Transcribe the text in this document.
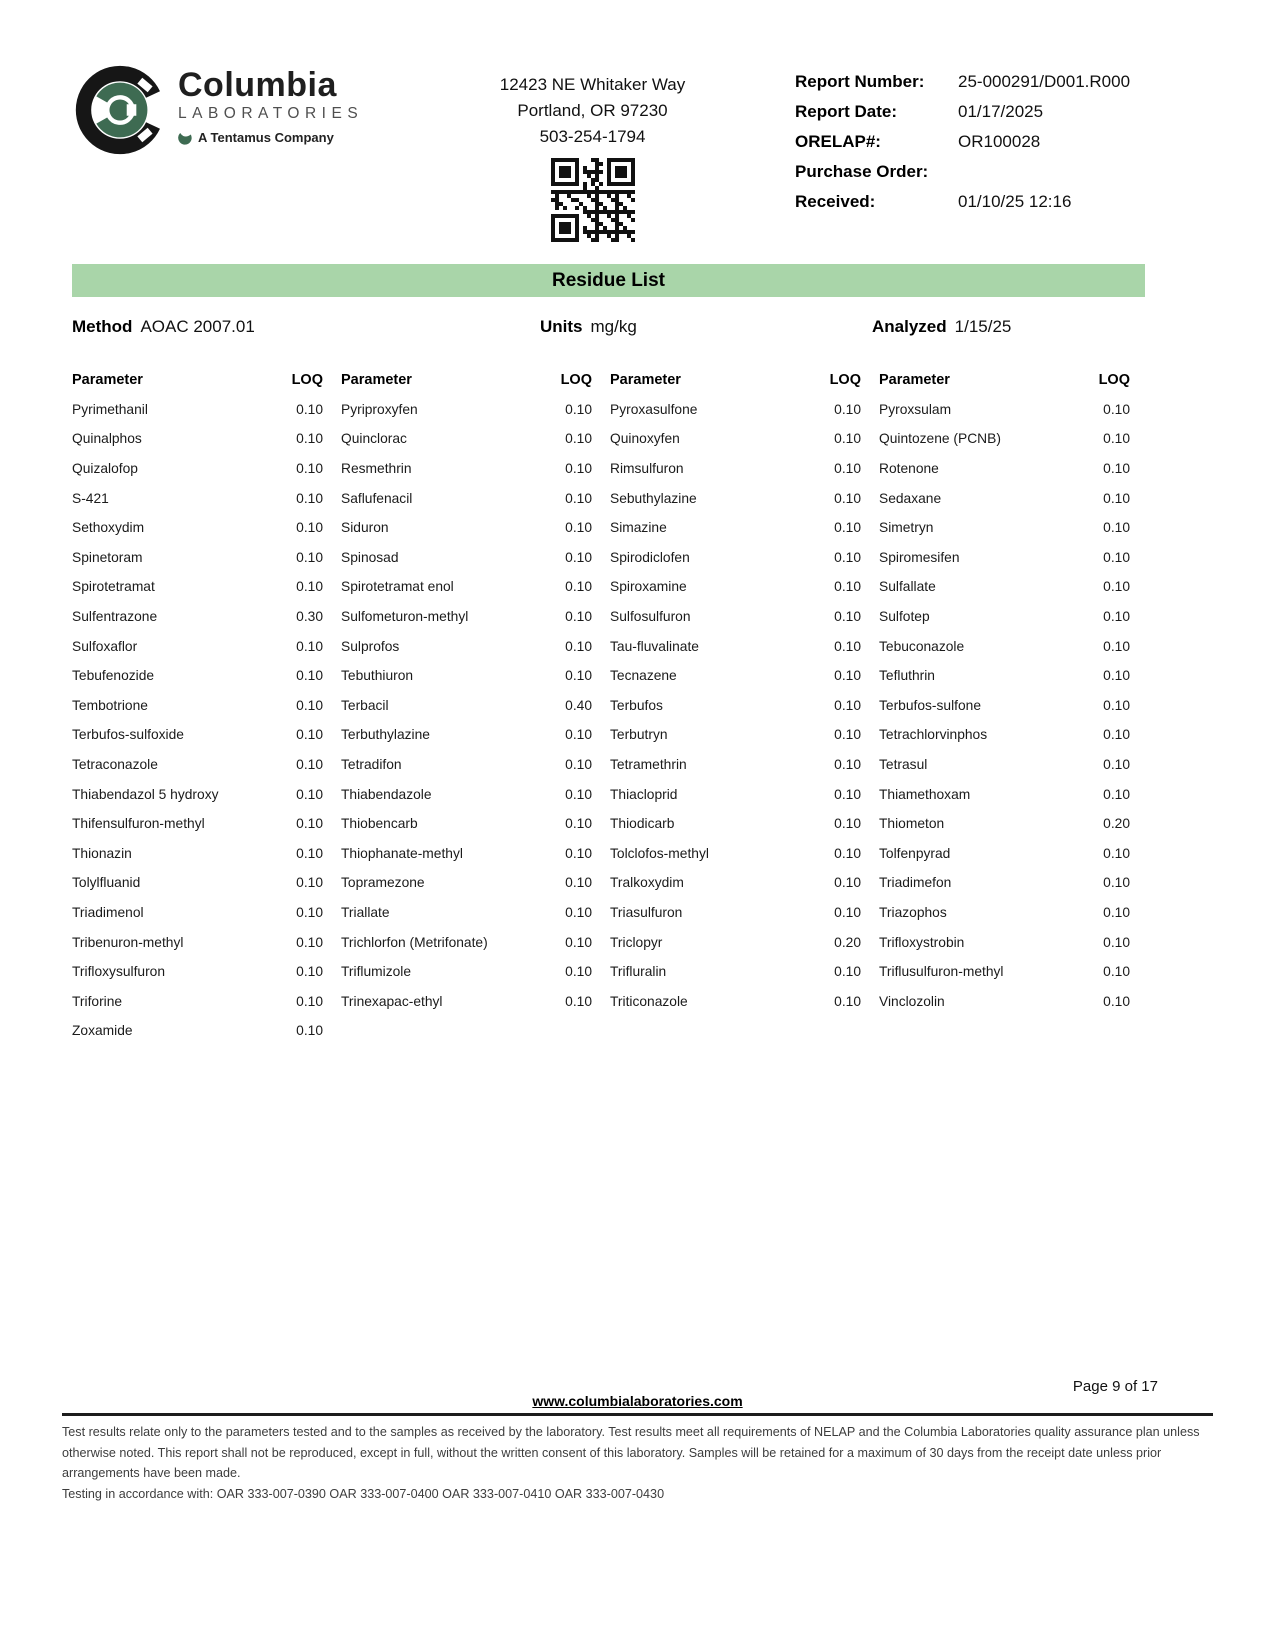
Columbia
LABORATORIES
A Tentamus Company
12423 NE Whitaker Way
Portland, OR 97230
503-254-1794
Report Number:	25-000291/D001.R000
Report Date:	01/17/2025
ORELAP#:	OR100028
Purchase Order:
Received:	01/10/25 12:16
Residue List
Method AOAC 2007.01	Units mg/kg	Analyzed 1/15/25
Parameter	LOQ
Pyrimethanil	0.10
Quinalphos	0.10
Quizalofop	0.10
S-421	0.10
Sethoxydim	0.10
Spinetoram	0.10
Spirotetramat	0.10
Sulfentrazone	0.30
Sulfoxaflor	0.10
Tebufenozide	0.10
Tembotrione	0.10
Terbufos-sulfoxide	0.10
Tetraconazole	0.10
Thiabendazol 5 hydroxy	0.10
Thifensulfuron-methyl	0.10
Thionazin	0.10
Tolylfluanid	0.10
Triadimenol	0.10
Tribenuron-methyl	0.10
Trifloxysulfuron	0.10
Triforine	0.10
Zoxamide	0.10
Parameter	LOQ
Pyriproxyfen	0.10
Quinclorac	0.10
Resmethrin	0.10
Saflufenacil	0.10
Siduron	0.10
Spinosad	0.10
Spirotetramat enol	0.10
Sulfometuron-methyl	0.10
Sulprofos	0.10
Tebuthiuron	0.10
Terbacil	0.40
Terbuthylazine	0.10
Tetradifon	0.10
Thiabendazole	0.10
Thiobencarb	0.10
Thiophanate-methyl	0.10
Topramezone	0.10
Triallate	0.10
Trichlorfon (Metrifonate)	0.10
Triflumizole	0.10
Trinexapac-ethyl	0.10
Parameter	LOQ
Pyroxasulfone	0.10
Quinoxyfen	0.10
Rimsulfuron	0.10
Sebuthylazine	0.10
Simazine	0.10
Spirodiclofen	0.10
Spiroxamine	0.10
Sulfosulfuron	0.10
Tau-fluvalinate	0.10
Tecnazene	0.10
Terbufos	0.10
Terbutryn	0.10
Tetramethrin	0.10
Thiacloprid	0.10
Thiodicarb	0.10
Tolclofos-methyl	0.10
Tralkoxydim	0.10
Triasulfuron	0.10
Triclopyr	0.20
Trifluralin	0.10
Triticonazole	0.10
Parameter	LOQ
Pyroxsulam	0.10
Quintozene (PCNB)	0.10
Rotenone	0.10
Sedaxane	0.10
Simetryn	0.10
Spiromesifen	0.10
Sulfallate	0.10
Sulfotep	0.10
Tebuconazole	0.10
Tefluthrin	0.10
Terbufos-sulfone	0.10
Tetrachlorvinphos	0.10
Tetrasul	0.10
Thiamethoxam	0.10
Thiometon	0.20
Tolfenpyrad	0.10
Triadimefon	0.10
Triazophos	0.10
Trifloxystrobin	0.10
Triflusulfuron-methyl	0.10
Vinclozolin	0.10
Page 9 of 17
www.columbialaboratories.com
Test results relate only to the parameters tested and to the samples as received by the laboratory. Test results meet all requirements of NELAP and the Columbia Laboratories quality assurance plan unless otherwise noted. This report shall not be reproduced, except in full, without the written consent of this laboratory. Samples will be retained for a maximum of 30 days from the receipt date unless prior arrangements have been made.
Testing in accordance with: OAR 333-007-0390 OAR 333-007-0400 OAR 333-007-0410 OAR 333-007-0430
